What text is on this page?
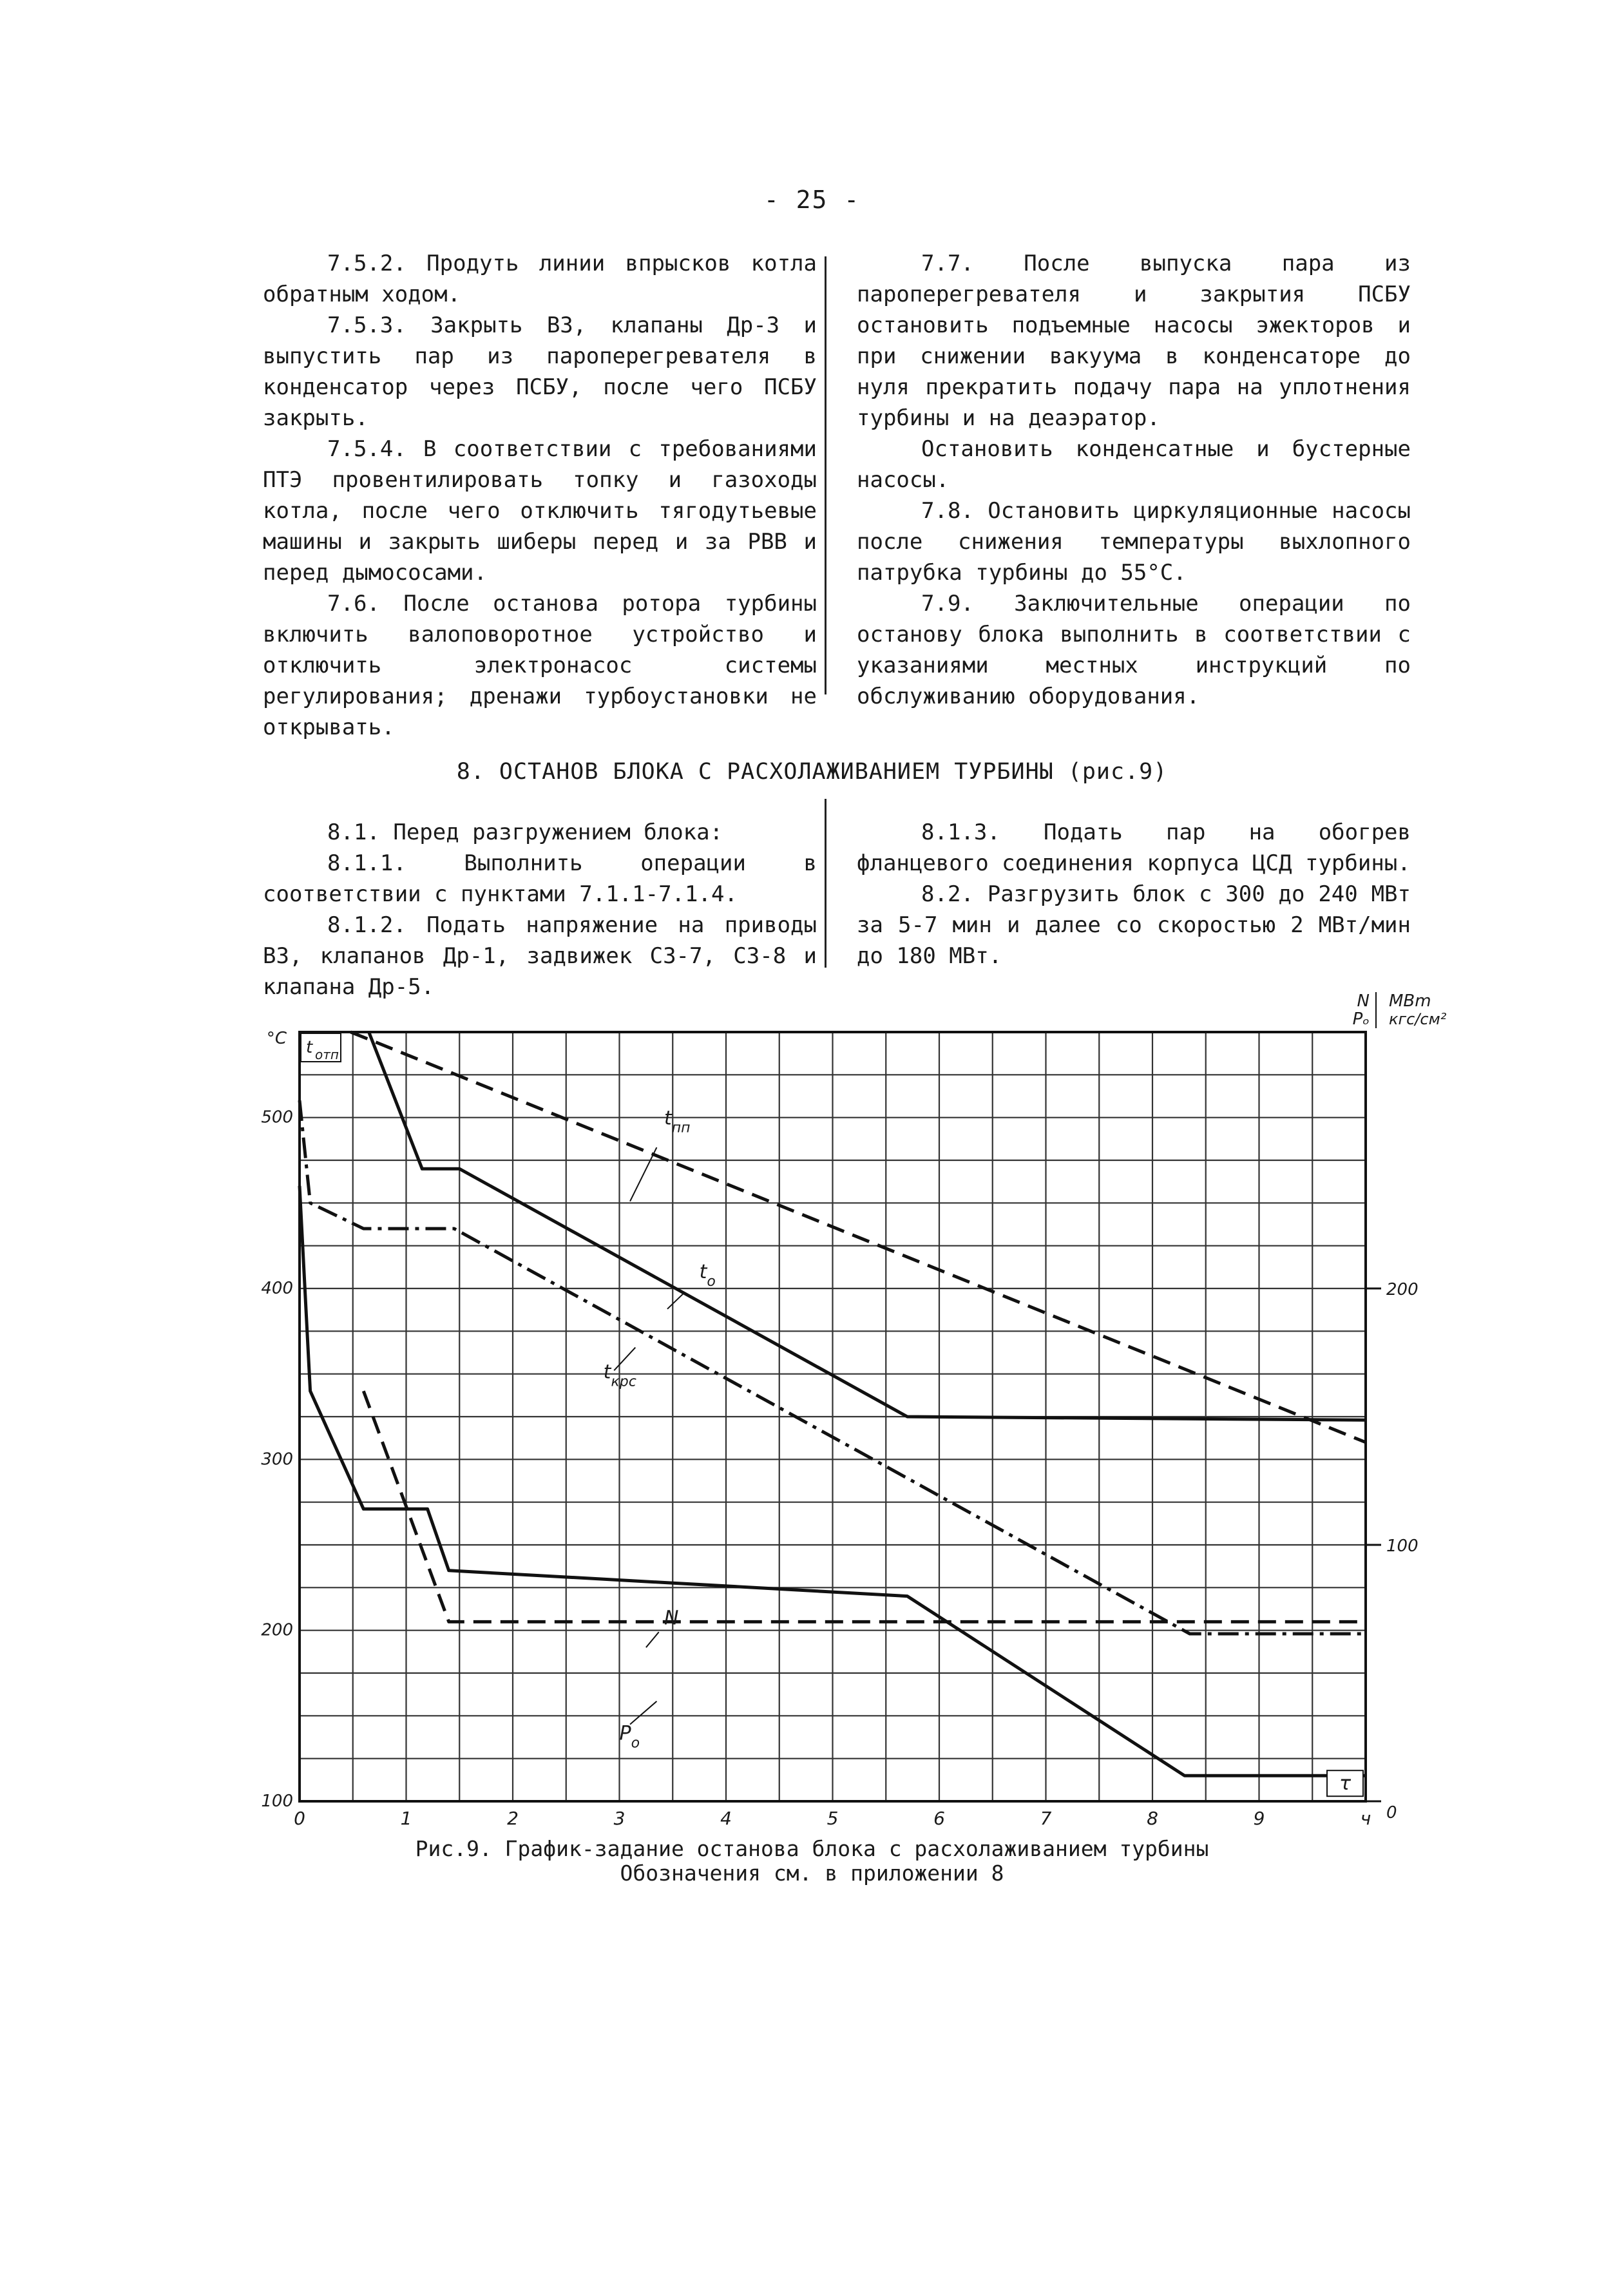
- 25 -

7.5.2. Продуть линии впрысков котла обратным ходом.

7.5.3. Закрыть ВЗ, клапаны Др-3 и выпустить пар из пароперегревателя в конденсатор через ПСБУ, после чего ПСБУ закрыть.

7.5.4. В соответствии с требованиями ПТЭ провентилировать топку и газоходы котла, после чего отключить тягодутьевые машины и закрыть шиберы перед и за РВВ и перед дымососами.

7.6. После останова ротора турбины включить валоповоротное устройство и отключить электронасос системы регулирования; дренажи турбоустановки не открывать.

7.7. После выпуска пара из пароперегревателя и закрытия ПСБУ остановить подъемные насосы эжекторов и при снижении вакуума в конденсаторе до нуля прекратить подачу пара на уплотнения турбины и на деаэратор.

Остановить конденсатные и бустерные насосы.

7.8. Остановить циркуляционные насосы после снижения температуры выхлопного патрубка турбины до 55°С.

7.9. Заключительные операции по останову блока выполнить в соответствии с указаниями местных инструкций по обслуживанию оборудования.

8. ОСТАНОВ БЛОКА С РАСХОЛАЖИВАНИЕМ ТУРБИНЫ (рис.9)

8.1. Перед разгружением блока:

8.1.1. Выполнить операции в соответствии с пунктами 7.1.1-7.1.4.

8.1.2. Подать напряжение на приводы ВЗ, клапанов Др-1, задвижек СЗ-7, СЗ-8 и клапана Др-5.

8.1.3. Подать пар на обогрев фланцевого соединения корпуса ЦСД турбины.

8.2. Разгрузить блок с 300 до 240 МВт за 5-7 мин и далее со скоростью 2 МВт/мин до 180 МВт.

t отп
°C
100
200
300
400
500
0
100
200
N
Pₒ
MBm
кгс/см²
0	1	2	3	4	5	6	7	8	9	ч
τ
$t_{пп}$
$t_o$
$t_{крс}$
N
$P_o$
Рис.9. График-задание останова блока с расхолаживанием турбины
Обозначения см. в приложении 8
